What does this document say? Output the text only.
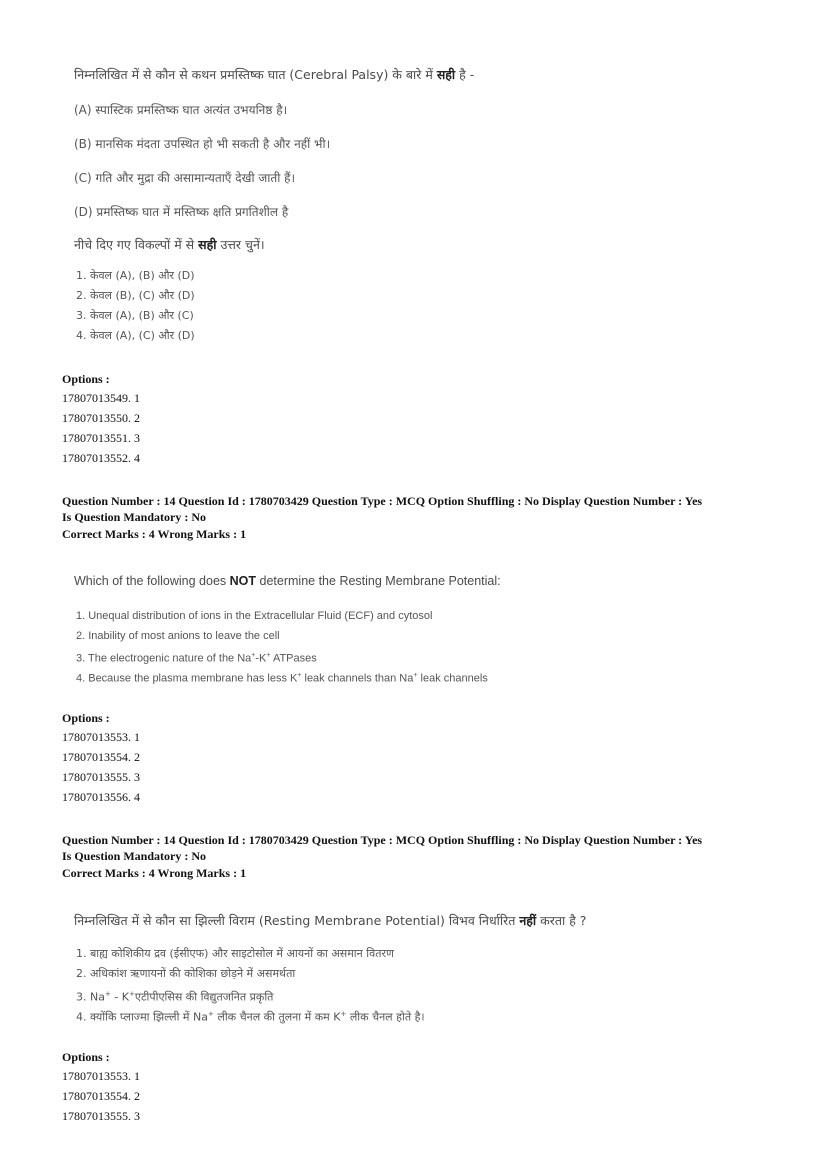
निम्नलिखित में से कौन से कथन प्रमस्तिष्क घात (Cerebral Palsy) के बारे में सही है -

(A) स्पास्टिक प्रमस्तिष्क घात अत्यंत उभयनिष्ठ है।

(B) मानसिक मंदता उपस्थित हो भी सकती है और नहीं भी।

(C) गति और मुद्रा की असामान्यताएँ देखी जाती हैं।

(D) प्रमस्तिष्क घात में मस्तिष्क क्षति प्रगतिशील है

नीचे दिए गए विकल्पों में से सही उत्तर चुनें।

1. केवल (A), (B) और (D)
2. केवल (B), (C) और (D)
3. केवल (A), (B) और (C)
4. केवल (A), (C) और (D)
Options :
17807013549. 1
17807013550. 2
17807013551. 3
17807013552. 4
Question Number : 14 Question Id : 1780703429 Question Type : MCQ Option Shuffling : No Display Question Number : Yes
Is Question Mandatory : No
Correct Marks : 4 Wrong Marks : 1

Which of the following does NOT determine the Resting Membrane Potential:

1. Unequal distribution of ions in the Extracellular Fluid (ECF) and cytosol
2. Inability of most anions to leave the cell
3. The electrogenic nature of the Na+-K+ ATPases
4. Because the plasma membrane has less K+ leak channels than Na+ leak channels
Options :
17807013553. 1
17807013554. 2
17807013555. 3
17807013556. 4
Question Number : 14 Question Id : 1780703429 Question Type : MCQ Option Shuffling : No Display Question Number : Yes
Is Question Mandatory : No
Correct Marks : 4 Wrong Marks : 1

निम्नलिखित में से कौन सा झिल्ली विराम (Resting Membrane Potential) विभव निर्धारित नहीं करता है ?

1. बाह्य कोशिकीय द्रव (ईसीएफ) और साइटोसोल में आयनों का असमान वितरण
2. अधिकांश ऋणायनों की कोशिका छोड़ने में असमर्थता
3. Na+ - K+एटीपीएसिस की विद्युतजनित प्रकृति
4. क्योंकि प्लाज्मा झिल्ली में Na+ लीक चैनल की तुलना में कम K+ लीक चैनल होते है।
Options :
17807013553. 1
17807013554. 2
17807013555. 3
